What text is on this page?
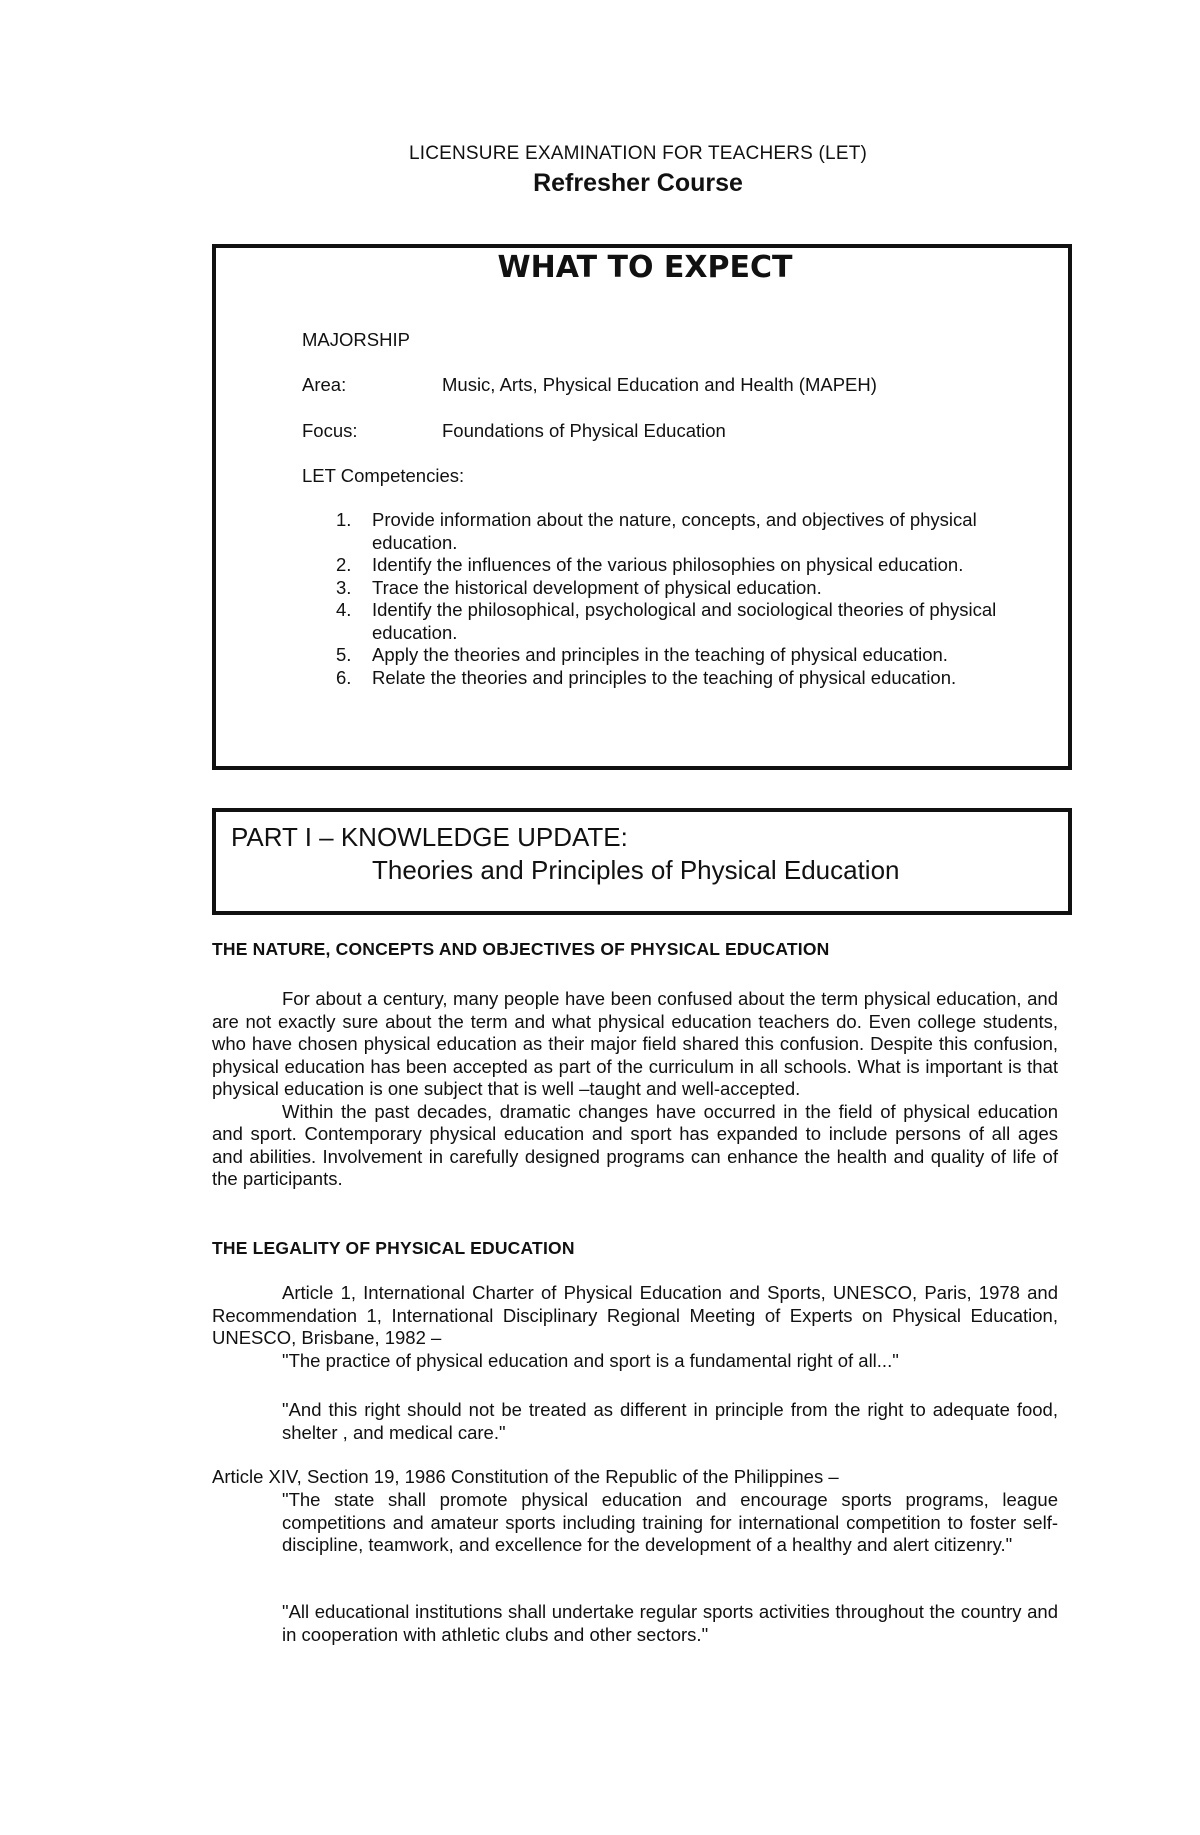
LICENSURE EXAMINATION FOR TEACHERS (LET)
Refresher Course
WHAT TO EXPECT
MAJORSHIP
Area:	Music, Arts, Physical Education and Health (MAPEH)
Focus:	Foundations of Physical Education
LET Competencies:
1. Provide information about the nature, concepts, and objectives of physical education.
2. Identify the influences of the various philosophies on physical education.
3. Trace the historical development of physical education.
4. Identify the philosophical, psychological and sociological theories of physical education.
5. Apply the theories and principles in the teaching of physical education.
6. Relate the theories and principles to the teaching of physical education.
PART I – KNOWLEDGE UPDATE:
Theories and Principles of Physical Education
THE NATURE, CONCEPTS AND OBJECTIVES OF PHYSICAL EDUCATION

For about a century, many people have been confused about the term physical education, and are not exactly sure about the term and what physical education teachers do. Even college students, who have chosen physical education as their major field shared this confusion. Despite this confusion, physical education has been accepted as part of the curriculum in all schools. What is important is that physical education is one subject that is well –taught and well-accepted.

Within the past decades, dramatic changes have occurred in the field of physical education and sport. Contemporary physical education and sport has expanded to include persons of all ages and abilities. Involvement in carefully designed programs can enhance the health and quality of life of the participants.

THE LEGALITY OF PHYSICAL EDUCATION

Article 1, International Charter of Physical Education and Sports, UNESCO, Paris, 1978 and Recommendation 1, International Disciplinary Regional Meeting of Experts on Physical Education, UNESCO, Brisbane, 1982 –

"The practice of physical education and sport is a fundamental right of all..."

"And this right should not be treated as different in principle from the right to adequate food, shelter , and medical care."

Article XIV, Section 19, 1986 Constitution of the Republic of the Philippines –

"The state shall promote physical education and encourage sports programs, league competitions and amateur sports including training for international competition to foster self-discipline, teamwork, and excellence for the development of a healthy and alert citizenry."

"All educational institutions shall undertake regular sports activities throughout the country and in cooperation with athletic clubs and other sectors."
